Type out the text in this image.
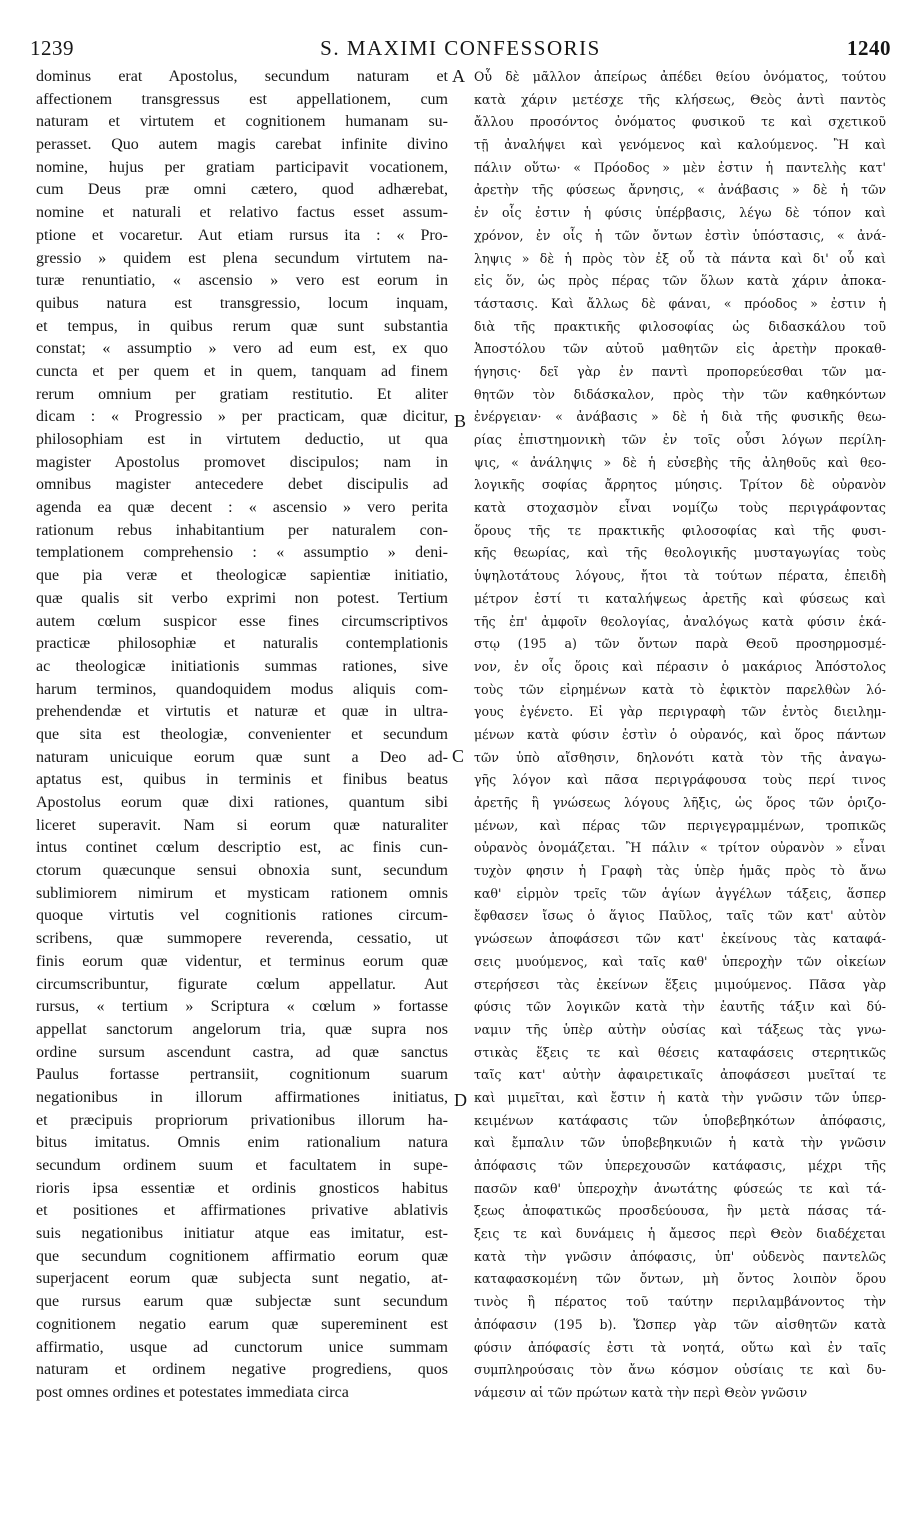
1239	S. MAXIMI CONFESSORIS	1240
dominus erat Apostolus, secundum naturam et
affectionem transgressus est appellationem, cum
naturam et virtutem et cognitionem humanam su-
perasset. Quo autem magis carebat infinite divino
nomine, hujus per gratiam participavit vocationem,
cum Deus præ omni cætero, quod adhærebat,
nomine et naturali et relativo factus esset assum-
ptione et vocaretur. Aut etiam rursus ita : « Pro-
gressio » quidem est plena secundum virtutem na-
turæ renuntiatio, « ascensio » vero est eorum in
quibus natura est transgressio, locum inquam,
et tempus, in quibus rerum quæ sunt substantia
constat; « assumptio » vero ad eum est, ex quo
cuncta et per quem et in quem, tanquam ad finem
rerum omnium per gratiam restitutio. Et aliter
dicam : « Progressio » per practicam, quæ dicitur,
philosophiam est in virtutem deductio, ut qua
magister Apostolus promovet discipulos; nam in
omnibus magister antecedere debet discipulis ad
agenda ea quæ decent : « ascensio » vero perita
rationum rebus inhabitantium per naturalem con-
templationem comprehensio : « assumptio » deni-
que pia veræ et theologicæ sapientiæ initiatio,
quæ qualis sit verbo exprimi non potest. Tertium
autem cœlum suspicor esse fines circumscriptivos
practicæ philosophiæ et naturalis contemplationis
ac theologicæ initiationis summas rationes, sive
harum terminos, quandoquidem modus aliquis com-
prehendendæ et virtutis et naturæ et quæ in ultra-
que sita est theologiæ, convenienter et secundum
naturam unicuique eorum quæ sunt a Deo ad-
aptatus est, quibus in terminis et finibus beatus
Apostolus eorum quæ dixi rationes, quantum sibi
liceret superavit. Nam si eorum quæ naturaliter
intus continet cœlum descriptio est, ac finis cun-
ctorum quæcunque sensui obnoxia sunt, secundum
sublimiorem nimirum et mysticam rationem omnis
quoque virtutis vel cognitionis rationes circum-
scribens, quæ summopere reverenda, cessatio, ut
finis eorum quæ videntur, et terminus eorum quæ
circumscribuntur, figurate cœlum appellatur. Aut
rursus, « tertium » Scriptura « cœlum » fortasse
appellat sanctorum angelorum tria, quæ supra nos
ordine sursum ascendunt castra, ad quæ sanctus
Paulus fortasse pertransiit, cognitionum suarum
negationibus in illorum affirmationes initiatus,
et præcipuis propriorum privationibus illorum ha-
bitus imitatus. Omnis enim rationalium natura
secundum ordinem suum et facultatem in supe-
rioris ipsa essentiæ et ordinis gnosticos habitus
et positiones et affirmationes privative ablativis
suis negationibus initiatur atque eas imitatur, est-
que secundum cognitionem affirmatio eorum quæ
superjacent eorum quæ subjecta sunt negatio, at-
que rursus earum quæ subjectæ sunt secundum
cognitionem negatio earum quæ supereminent est
affirmatio, usque ad cunctorum unice summam
naturam et ordinem negative progrediens, quos
post omnes ordines et potestates immediata circa
Οὗ δὲ μᾶλλον ἀπείρως ἀπέδει θείου ὀνόματος, τούτου
κατὰ χάριν μετέσχε τῆς κλήσεως, Θεὸς ἀντὶ παντὸς
ἄλλου προσόντος ὀνόματος φυσικοῦ τε καὶ σχετικοῦ
τῇ ἀναλήψει καὶ γενόμενος καὶ καλούμενος. Ἢ καὶ
πάλιν οὕτω· « Πρόοδος » μὲν ἐστιν ἡ παντελὴς κατ'
ἀρετὴν τῆς φύσεως ἄρνησις, « ἀνάβασις » δὲ ἡ τῶν
ἐν οἷς ἐστιν ἡ φύσις ὑπέρβασις, λέγω δὲ τόπον καὶ
χρόνον, ἐν οἷς ἡ τῶν ὄντων ἐστὶν ὑπόστασις, « ἀνά-
ληψις » δὲ ἡ πρὸς τὸν ἐξ οὗ τὰ πάντα καὶ δι' οὗ καὶ
εἰς ὅν, ὡς πρὸς πέρας τῶν ὅλων κατὰ χάριν ἀποκα-
τάστασις. Καὶ ἄλλως δὲ φάναι, « πρόοδος » ἐστιν ἡ
διὰ τῆς πρακτικῆς φιλοσοφίας ὡς διδασκάλου τοῦ
Ἀποστόλου τῶν αὐτοῦ μαθητῶν εἰς ἀρετὴν προκαθ-
ήγησις· δεῖ γὰρ ἐν παντὶ προπορεύεσθαι τῶν μα-
θητῶν τὸν διδάσκαλον, πρὸς τὴν τῶν καθηκόντων
ἐνέργειαν· « ἀνάβασις » δὲ ἡ διὰ τῆς φυσικῆς θεω-
ρίας ἐπιστημονικὴ τῶν ἐν τοῖς οὖσι λόγων περίλη-
ψις, « ἀνάληψις » δὲ ἡ εὐσεβὴς τῆς ἀληθοῦς καὶ θεο-
λογικῆς σοφίας ἄρρητος μύησις. Τρίτον δὲ οὐρανὸν
κατὰ στοχασμὸν εἶναι νομίζω τοὺς περιγράφοντας
ὅρους τῆς τε πρακτικῆς φιλοσοφίας καὶ τῆς φυσι-
κῆς θεωρίας, καὶ τῆς θεολογικῆς μυσταγωγίας τοὺς
ὑψηλοτάτους λόγους, ἤτοι τὰ τούτων πέρατα, ἐπειδὴ
μέτρον ἐστί τι καταλήψεως ἀρετῆς καὶ φύσεως καὶ
τῆς ἐπ' ἀμφοῖν θεολογίας, ἀναλόγως κατὰ φύσιν ἑκά-
στῳ (195 a) τῶν ὄντων παρὰ Θεοῦ προσηρμοσμέ-
νον, ἐν οἷς ὅροις καὶ πέρασιν ὁ μακάριος Ἀπόστολος
τοὺς τῶν εἰρημένων κατὰ τὸ ἐφικτὸν παρελθὼν λό-
γους ἐγένετο. Εἰ γὰρ περιγραφὴ τῶν ἐντὸς διειλημ-
μένων κατὰ φύσιν ἐστὶν ὁ οὐρανός, καὶ ὅρος πάντων
τῶν ὑπὸ αἴσθησιν, δηλονότι κατὰ τὸν τῆς ἀναγω-
γῆς λόγον καὶ πᾶσα περιγράφουσα τοὺς περί τινος
ἀρετῆς ἢ γνώσεως λόγους λῆξις, ὡς ὅρος τῶν ὁριζο-
μένων, καὶ πέρας τῶν περιγεγραμμένων, τροπικῶς
οὐρανὸς ὀνομάζεται. Ἢ πάλιν « τρίτον οὐρανὸν » εἶναι
τυχὸν φησιν ἡ Γραφὴ τὰς ὑπὲρ ἡμᾶς πρὸς τὸ ἄνω
καθ' εἱρμὸν τρεῖς τῶν ἁγίων ἀγγέλων τάξεις, ἅσπερ
ἔφθασεν ἴσως ὁ ἅγιος Παῦλος, ταῖς τῶν κατ' αὐτὸν
γνώσεων ἀποφάσεσι τῶν κατ' ἐκείνους τὰς καταφά-
σεις μυούμενος, καὶ ταῖς καθ' ὑπεροχὴν τῶν οἰκείων
στερήσεσι τὰς ἐκείνων ἕξεις μιμούμενος. Πᾶσα γὰρ
φύσις τῶν λογικῶν κατὰ τὴν ἑαυτῆς τάξιν καὶ δύ-
ναμιν τῆς ὑπὲρ αὐτὴν οὐσίας καὶ τάξεως τὰς γνω-
στικὰς ἕξεις τε καὶ θέσεις καταφάσεις στερητικῶς
ταῖς κατ' αὐτὴν ἀφαιρετικαῖς ἀποφάσεσι μυεῖταί τε
καὶ μιμεῖται, καὶ ἔστιν ἡ κατὰ τὴν γνῶσιν τῶν ὑπερ-
κειμένων κατάφασις τῶν ὑποβεβηκότων ἀπόφασις,
καὶ ἔμπαλιν τῶν ὑποβεβηκυιῶν ἡ κατὰ τὴν γνῶσιν
ἀπόφασις τῶν ὑπερεχουσῶν κατάφασις, μέχρι τῆς
πασῶν καθ' ὑπεροχὴν ἀνωτάτης φύσεώς τε καὶ τά-
ξεως ἀποφατικῶς προσδεύουσα, ἣν μετὰ πάσας τά-
ξεις τε καὶ δυνάμεις ἡ ἄμεσος περὶ Θεὸν διαδέχεται
κατὰ τὴν γνῶσιν ἀπόφασις, ὑπ' οὐδενὸς παντελῶς
καταφασκομένη τῶν ὄντων, μὴ ὄντος λοιπὸν ὅρου
τινὸς ἢ πέρατος τοῦ ταύτην περιλαμβάνοντος τὴν
ἀπόφασιν (195 b). Ὥσπερ γὰρ τῶν αἰσθητῶν κατὰ
φύσιν ἀπόφασίς ἐστι τὰ νοητά, οὕτω καὶ ἐν ταῖς
συμπληρούσαις τὸν ἄνω κόσμον οὐσίαις τε καὶ δυ-
νάμεσιν αἱ τῶν πρώτων κατὰ τὴν περὶ Θεὸν γνῶσιν
A
B
C
D
